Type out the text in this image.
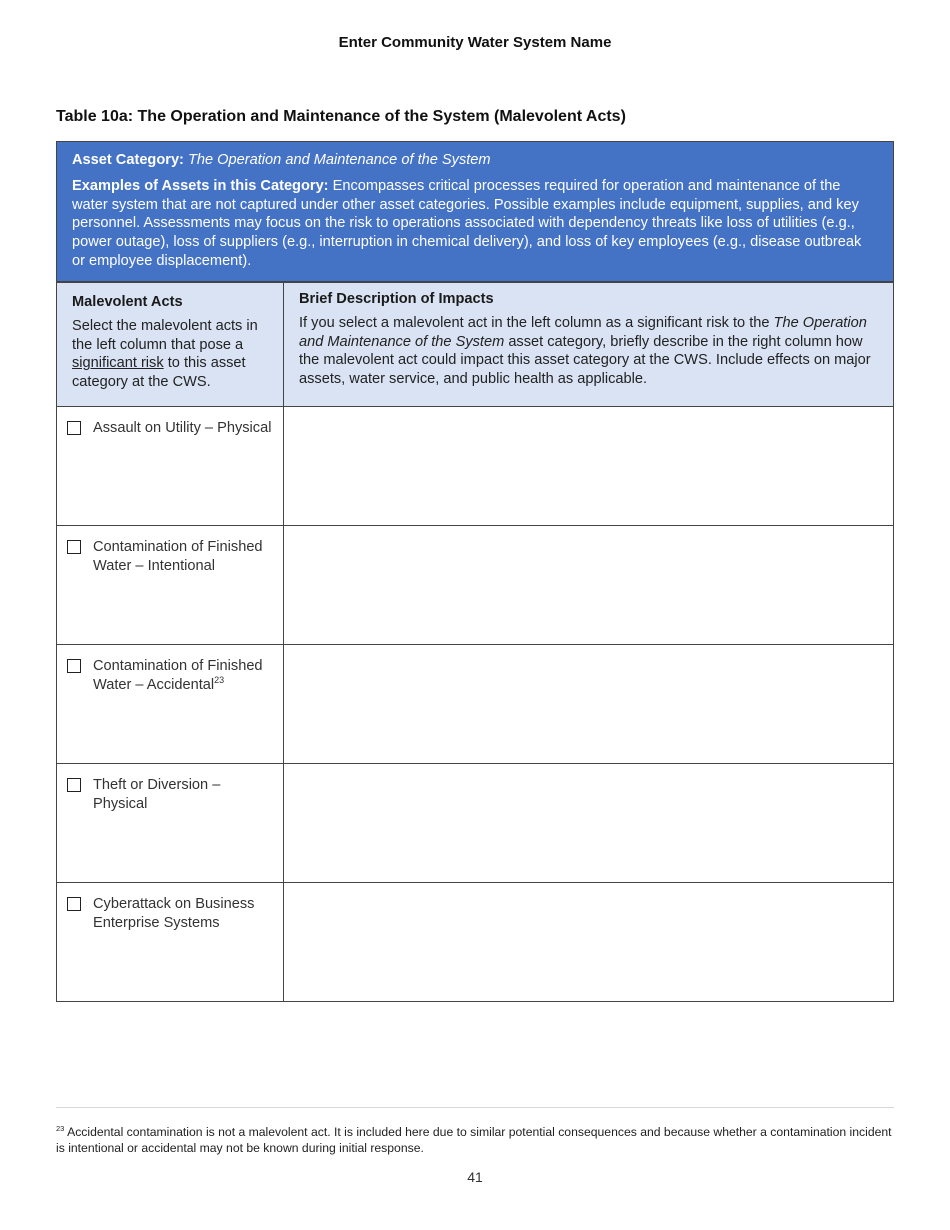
Enter Community Water System Name
Table 10a: The Operation and Maintenance of the System (Malevolent Acts)
Asset Category: The Operation and Maintenance of the System
Examples of Assets in this Category: Encompasses critical processes required for operation and maintenance of the water system that are not captured under other asset categories. Possible examples include equipment, supplies, and key personnel. Assessments may focus on the risk to operations associated with dependency threats like loss of utilities (e.g., power outage), loss of suppliers (e.g., interruption in chemical delivery), and loss of key employees (e.g., disease outbreak or employee displacement).
Malevolent Acts
Select the malevolent acts in the left column that pose a significant risk to this asset category at the CWS.
Brief Description of Impacts
If you select a malevolent act in the left column as a significant risk to the The Operation and Maintenance of the System asset category, briefly describe in the right column how the malevolent act could impact this asset category at the CWS. Include effects on major assets, water service, and public health as applicable.
Assault on Utility – Physical
Contamination of Finished Water – Intentional
Contamination of Finished Water – Accidental$^{23}$
Theft or Diversion – Physical
Cyberattack on Business Enterprise Systems
$^{23}$ Accidental contamination is not a malevolent act. It is included here due to similar potential consequences and because whether a contamination incident is intentional or accidental may not be known during initial response.
41
